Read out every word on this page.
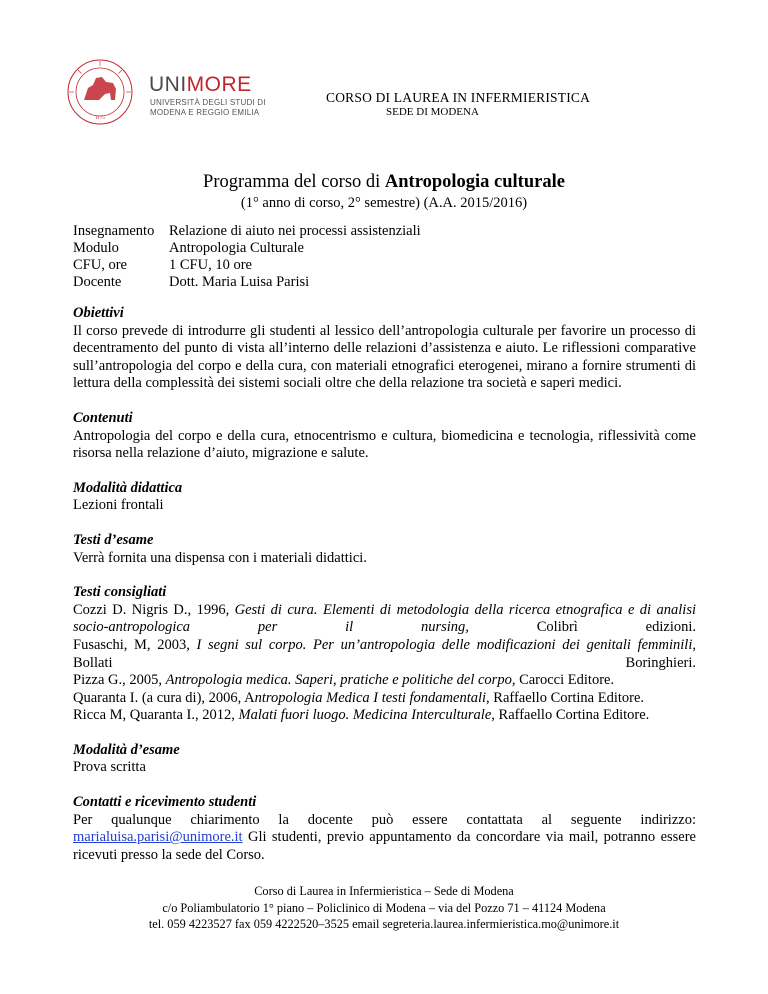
1175
UNIMORE
UNIVERSITÀ DEGLI STUDI DI
MODENA E REGGIO EMILIA
CORSO DI LAUREA IN INFERMIERISTICA
SEDE DI MODENA
Programma del corso di Antropologia culturale
(1° anno di corso, 2° semestre) (A.A. 2015/2016)
Insegnamento	Relazione di aiuto nei processi assistenziali
Modulo	Antropologia Culturale
CFU, ore	1 CFU, 10 ore
Docente	Dott. Maria Luisa Parisi

Obiettivi

Il corso prevede di introdurre gli studenti al lessico dell’antropologia culturale per favorire un processo di decentramento del punto di vista all’interno delle relazioni d’assistenza e aiuto. Le riflessioni comparative sull’antropologia del corpo e della cura, con materiali etnografici eterogenei, mirano a fornire strumenti di lettura della complessità dei sistemi sociali oltre che della relazione tra società e saperi medici.

Contenuti

Antropologia del corpo e della cura, etnocentrismo e cultura, biomedicina e tecnologia, riflessività come risorsa nella relazione d’aiuto, migrazione e salute.

Modalità didattica

Lezioni frontali

Testi d’esame

Verrà fornita una dispensa con i materiali didattici.

Testi consigliati

Cozzi D. Nigris D., 1996, Gesti di cura. Elementi di metodologia della ricerca etnografica e di analisi socio-antropologica per il nursing, Colibrì edizioni.

Fusaschi, M, 2003, I segni sul corpo. Per un’antropologia delle modificazioni dei genitali femminili, Bollati Boringhieri.

Pizza G., 2005, Antropologia medica. Saperi, pratiche e politiche del corpo, Carocci Editore.

Quaranta I. (a cura di), 2006, Antropologia Medica I testi fondamentali, Raffaello Cortina Editore.

Ricca M, Quaranta I., 2012, Malati fuori luogo. Medicina Interculturale, Raffaello Cortina Editore.

Modalità d’esame

Prova scritta

Contatti e ricevimento studenti

Per qualunque chiarimento la docente può essere contattata al seguente indirizzo:

marialuisa.parisi@unimore.it Gli studenti, previo appuntamento da concordare via mail, potranno essere ricevuti presso la sede del Corso.

Corso di Laurea in Infermieristica – Sede di Modena
c/o Poliambulatorio 1° piano – Policlinico di Modena – via del Pozzo 71 – 41124 Modena
tel. 059 4223527 fax 059 4222520–3525 email segreteria.laurea.infermieristica.mo@unimore.it
